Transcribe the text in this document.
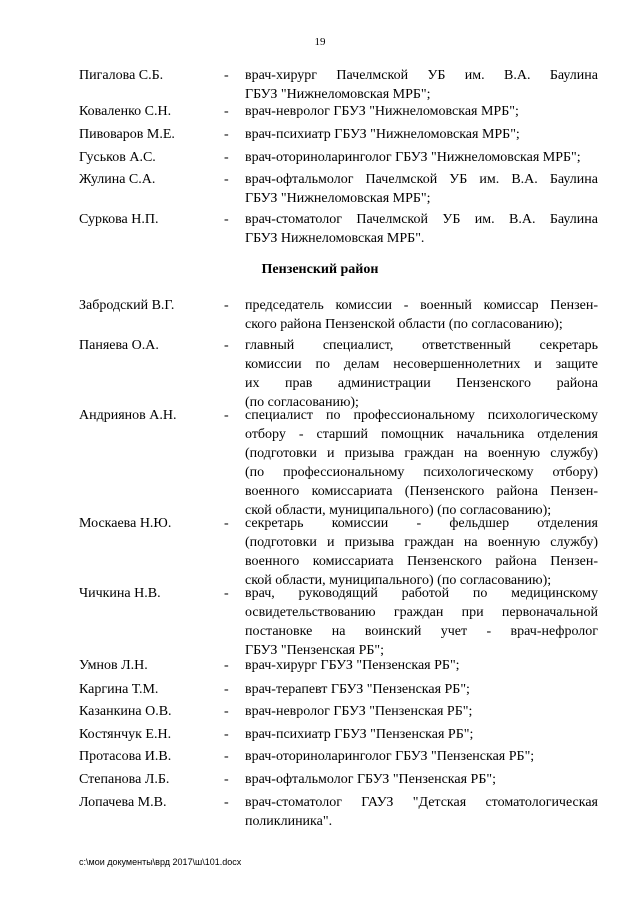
19
Пигалова С.Б.	- врач-хирург Пачелмской УБ им. В.А. Баулина
ГБУЗ "Нижнеломовская МРБ";
Коваленко С.Н.	- врач-невролог ГБУЗ "Нижнеломовская МРБ";
Пивоваров М.Е.	- врач-психиатр ГБУЗ "Нижнеломовская МРБ";
Гуськов А.С.	- врач-оториноларинголог ГБУЗ "Нижнеломовская МРБ";
Жулина С.А.	- врач-офтальмолог Пачелмской УБ им. В.А. Баулина
ГБУЗ "Нижнеломовская МРБ";
Суркова Н.П.	- врач-стоматолог Пачелмской УБ им. В.А. Баулина
ГБУЗ Нижнеломовская МРБ".
Пензенский район
Забродский В.Г.	- председатель комиссии - военный комиссар Пензен-
ского района Пензенской области (по согласованию);
Паняева О.А.	- главный специалист, ответственный секретарь
комиссии по делам несовершеннолетних и защите
их прав администрации Пензенского района
(по согласованию);
Андриянов А.Н.	- специалист по профессиональному психологическому
отбору - старший помощник начальника отделения
(подготовки и призыва граждан на военную службу)
(по профессиональному психологическому отбору)
военного комиссариата (Пензенского района Пензен-
ской области, муниципального) (по согласованию);
Москаева Н.Ю.	- секретарь комиссии - фельдшер отделения
(подготовки и призыва граждан на военную службу)
военного комиссариата Пензенского района Пензен-
ской области, муниципального) (по согласованию);
Чичкина Н.В.	- врач, руководящий работой по медицинскому
освидетельствованию граждан при первоначальной
постановке на воинский учет - врач-нефролог
ГБУЗ "Пензенская РБ";
Умнов Л.Н.	- врач-хирург ГБУЗ "Пензенская РБ";
Каргина Т.М.	- врач-терапевт ГБУЗ "Пензенская РБ";
Казанкина О.В.	- врач-невролог ГБУЗ "Пензенская РБ";
Костянчук Е.Н.	- врач-психиатр ГБУЗ "Пензенская РБ";
Протасова И.В.	- врач-оториноларинголог ГБУЗ "Пензенская РБ";
Степанова Л.Б.	- врач-офтальмолог ГБУЗ "Пензенская РБ";
Лопачева М.В.	- врач-стоматолог ГАУЗ "Детская стоматологическая
поликлиника".
c:\мои документы\врд 2017\ш\101.docx
